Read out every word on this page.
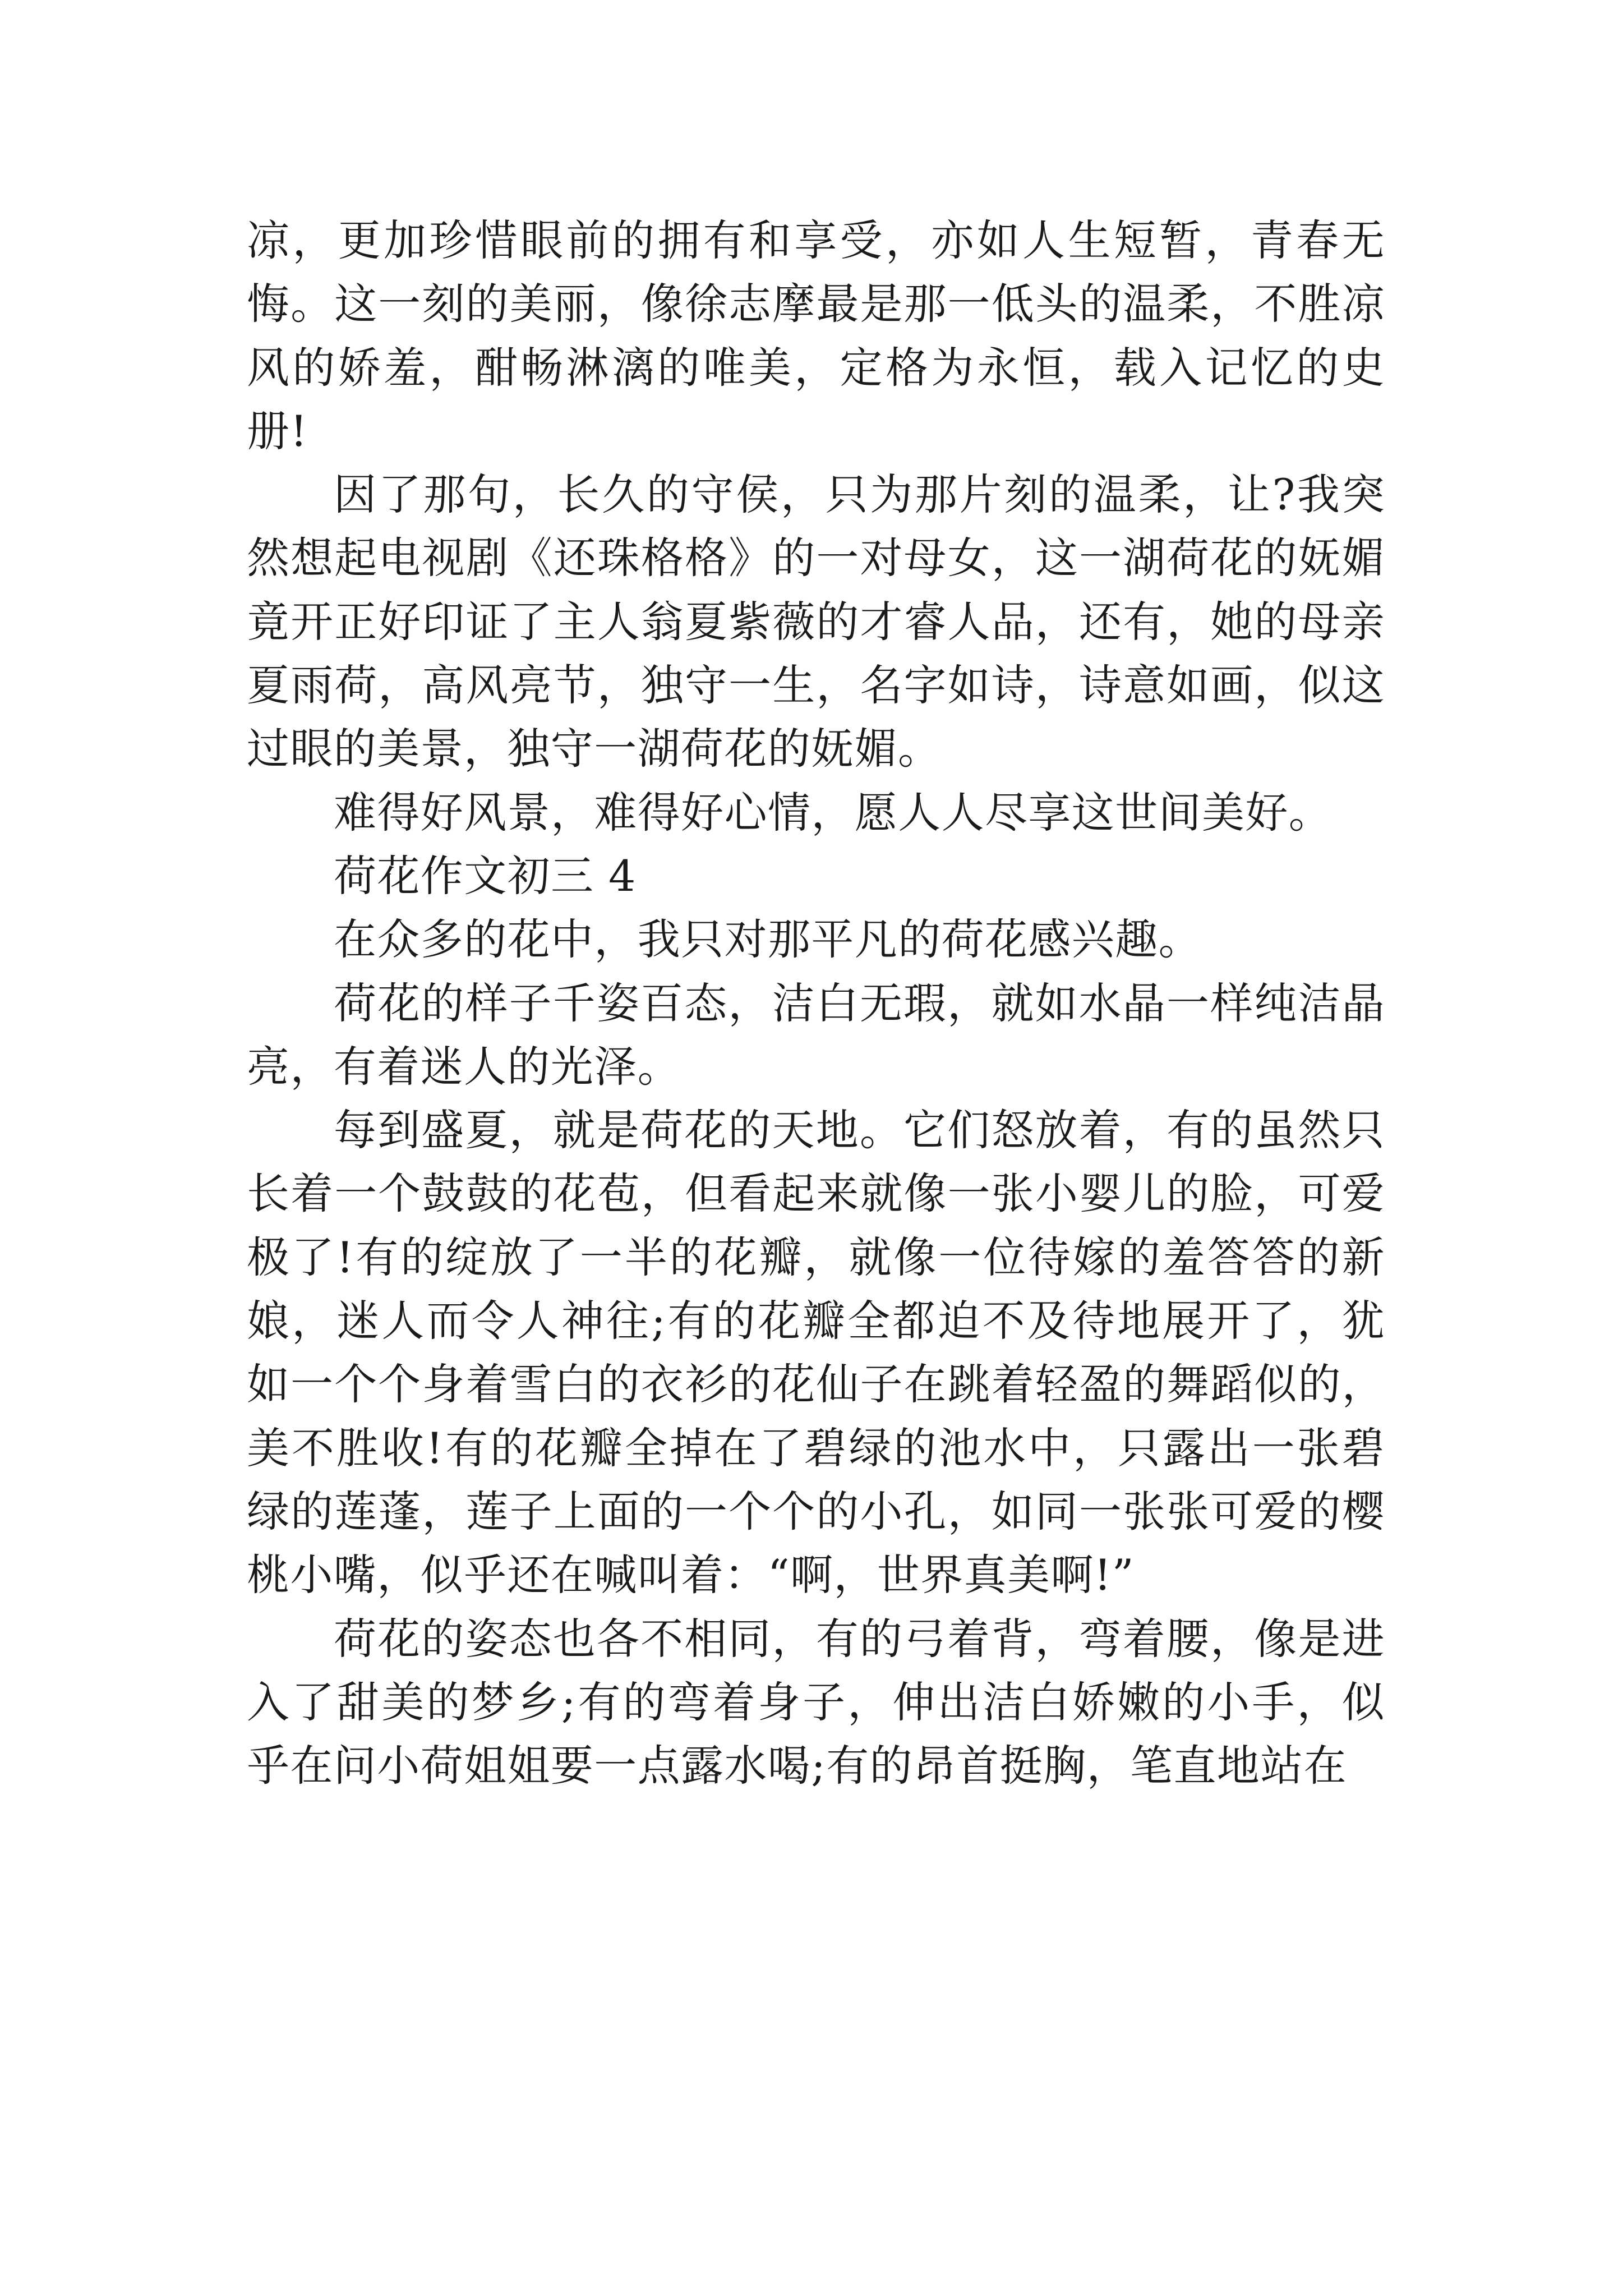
凉，更加珍惜眼前的拥有和享受，亦如人生短暂，青春无悔。这一刻的美丽，像徐志摩最是那一低头的温柔，不胜凉风的娇羞，酣畅淋漓的唯美，定格为永恒，载入记忆的史册!

因了那句，长久的守侯，只为那片刻的温柔，让?我突然想起电视剧《还珠格格》的一对母女，这一湖荷花的妩媚竟开正好印证了主人翁夏紫薇的才睿人品，还有，她的母亲夏雨荷，高风亮节，独守一生，名字如诗，诗意如画，似这过眼的美景，独守一湖荷花的妩媚。

难得好风景，难得好心情，愿人人尽享这世间美好。

荷花作文初三 4

在众多的花中，我只对那平凡的荷花感兴趣。

荷花的样子千姿百态，洁白无瑕，就如水晶一样纯洁晶亮，有着迷人的光泽。

每到盛夏，就是荷花的天地。它们怒放着，有的虽然只长着一个鼓鼓的花苞，但看起来就像一张小婴儿的脸，可爱极了!有的绽放了一半的花瓣，就像一位待嫁的羞答答的新娘，迷人而令人神往;有的花瓣全都迫不及待地展开了，犹如一个个身着雪白的衣衫的花仙子在跳着轻盈的舞蹈似的，美不胜收!有的花瓣全掉在了碧绿的池水中，只露出一张碧绿的莲蓬，莲子上面的一个个的小孔，如同一张张可爱的樱桃小嘴，似乎还在喊叫着：“啊，世界真美啊!”

荷花的姿态也各不相同，有的弓着背，弯着腰，像是进入了甜美的梦乡;有的弯着身子，伸出洁白娇嫩的小手，似乎在问小荷姐姐要一点露水喝;有的昂首挺胸，笔直地站在
